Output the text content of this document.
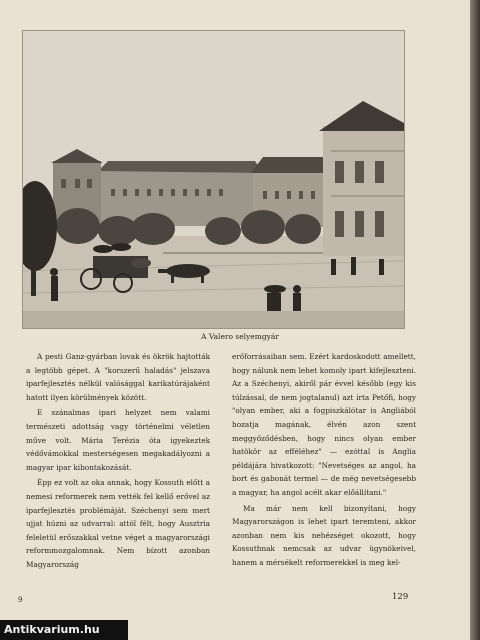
A Valero selyemgyár

A pesti Ganz-gyárban lovak és ökrök hajtották a legtöbb gépet. A "korszerű haladás" jelszava iparfejlesztés nélkül valósággal karikatúrájaként hatott ilyen körülmények között.

E szánalmas ipari helyzet nem valami természeti adottság vagy történelmi véletlen műve volt. Mária Terézia óta igyekeztek védővámokkal mesterségesen megakadályozni a magyar ipar kibontakozását.

Épp ez volt az oka annak, hogy Kossuth előtt a nemesi reformerek nem vették fel kellő erővel az iparfejlesztés problémáját. Széchenyi sem mert ujjat húzni az udvarral: attól félt, hogy Ausztria feleletül erőszakkal vetne véget a magyarországi reformmozgalomnak. Nem bízott azonban Magyarország

erőforrásaiban sem. Ezért kardoskodott amellett, hogy nálunk nem lehet komoly ipart kifejleszteni. Az a Széchenyi, akiről pár évvel később (egy kis túlzással, de nem jogtalanul) azt írta Petőfi, hogy "olyan ember, aki a fogpiszkálótar is Angliából hozatja magának, élvén azon szent meggyőződésben, hogy nincs olyan ember hatökör az efféléhez" — ezóttal is Anglia példájára hivatkozott: "Nevetséges az angol, ha bort és gabonát termel — de még nevetségesebb a magyar, ha angol acélt akar előállítani."

Ma már nem kell bizonyítani, hogy Magyarországon is lehet ipart teremteni, akkor azonban nem kis nehézséget okozott, hogy Kossuthnak nemcsak az udvar ügynökeivel, hanem a mérsékelt reformerekkel is meg kel-

9	129
Antikvarium.hu
